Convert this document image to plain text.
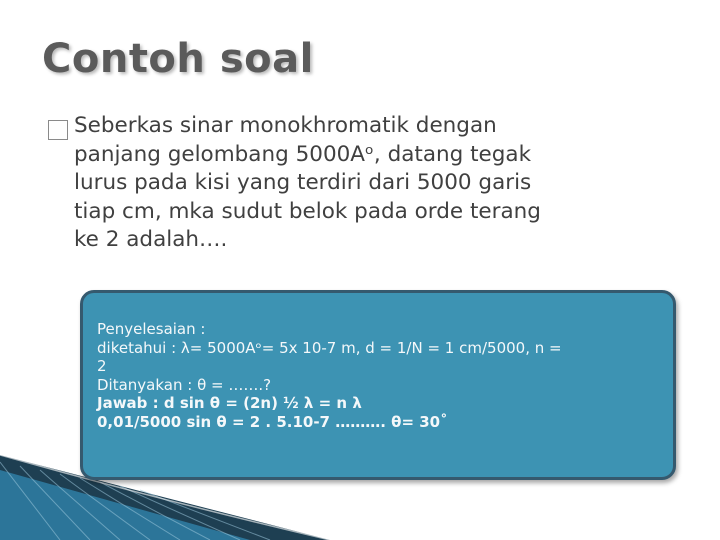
Contoh soal
Seberkas sinar monokhromatik dengan
panjang gelombang 5000Aᵒ, datang tegak
lurus pada kisi yang terdiri dari 5000 garis
tiap cm, mka sudut belok pada orde terang
ke 2 adalah….
Penyelesaian :
diketahui : λ= 5000Aᵒ= 5x 10-7 m, d = 1/N = 1 cm/5000, n =
2
Ditanyakan : θ = …….?
Jawab : d sin θ = (2n) ½ λ = n λ
0,01/5000 sin θ = 2 . 5.10-7 ………. θ= 30˚
